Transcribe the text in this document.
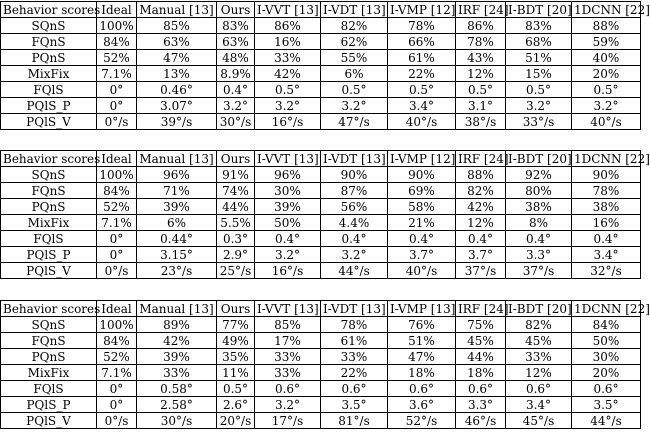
Behavior scores	Ideal	Manual [13]	Ours	I-VVT [13]	I-VDT [13]	I-VMP [12]	IRF [24]	I-BDT [20]	1DCNN [22]
SQnS	100%	85%	83%	86%	82%	78%	86%	83%	88%
FQnS	84%	63%	63%	16%	62%	66%	78%	68%	59%
PQnS	52%	47%	48%	33%	55%	61%	43%	51%	40%
MixFix	7.1%	13%	8.9%	42%	6%	22%	12%	15%	20%
FQlS	0°	0.46°	0.4°	0.5°	0.5°	0.5°	0.5°	0.5°	0.5°
PQlS_P	0°	3.07°	3.2°	3.2°	3.2°	3.4°	3.1°	3.2°	3.2°
PQlS_V	0°/s	39°/s	30°/s	16°/s	47°/s	40°/s	38°/s	33°/s	40°/s
Behavior scores	Ideal	Manual [13]	Ours	I-VVT [13]	I-VDT [13]	I-VMP [12]	IRF [24]	I-BDT [20]	1DCNN [22]
SQnS	100%	96%	91%	96%	90%	90%	88%	92%	90%
FQnS	84%	71%	74%	30%	87%	69%	82%	80%	78%
PQnS	52%	39%	44%	39%	56%	58%	42%	38%	38%
MixFix	7.1%	6%	5.5%	50%	4.4%	21%	12%	8%	16%
FQlS	0°	0.44°	0.3°	0.4°	0.4°	0.4°	0.4°	0.4°	0.4°
PQlS_P	0°	3.15°	2.9°	3.2°	3.2°	3.7°	3.7°	3.3°	3.4°
PQlS_V	0°/s	23°/s	25°/s	16°/s	44°/s	40°/s	37°/s	37°/s	32°/s
Behavior scores	Ideal	Manual [13]	Ours	I-VVT [13]	I-VDT [13]	I-VMP [13]	IRF [24]	I-BDT [20]	1DCNN [22]
SQnS	100%	89%	77%	85%	78%	76%	75%	82%	84%
FQnS	84%	42%	49%	17%	61%	51%	45%	45%	50%
PQnS	52%	39%	35%	33%	33%	47%	44%	33%	30%
MixFix	7.1%	33%	11%	33%	22%	18%	18%	12%	20%
FQlS	0°	0.58°	0.5°	0.6°	0.6°	0.6°	0.6°	0.6°	0.6°
PQlS_P	0°	2.58°	2.6°	3.2°	3.5°	3.6°	3.3°	3.4°	3.5°
PQlS_V	0°/s	30°/s	20°/s	17°/s	81°/s	52°/s	46°/s	45°/s	44°/s
